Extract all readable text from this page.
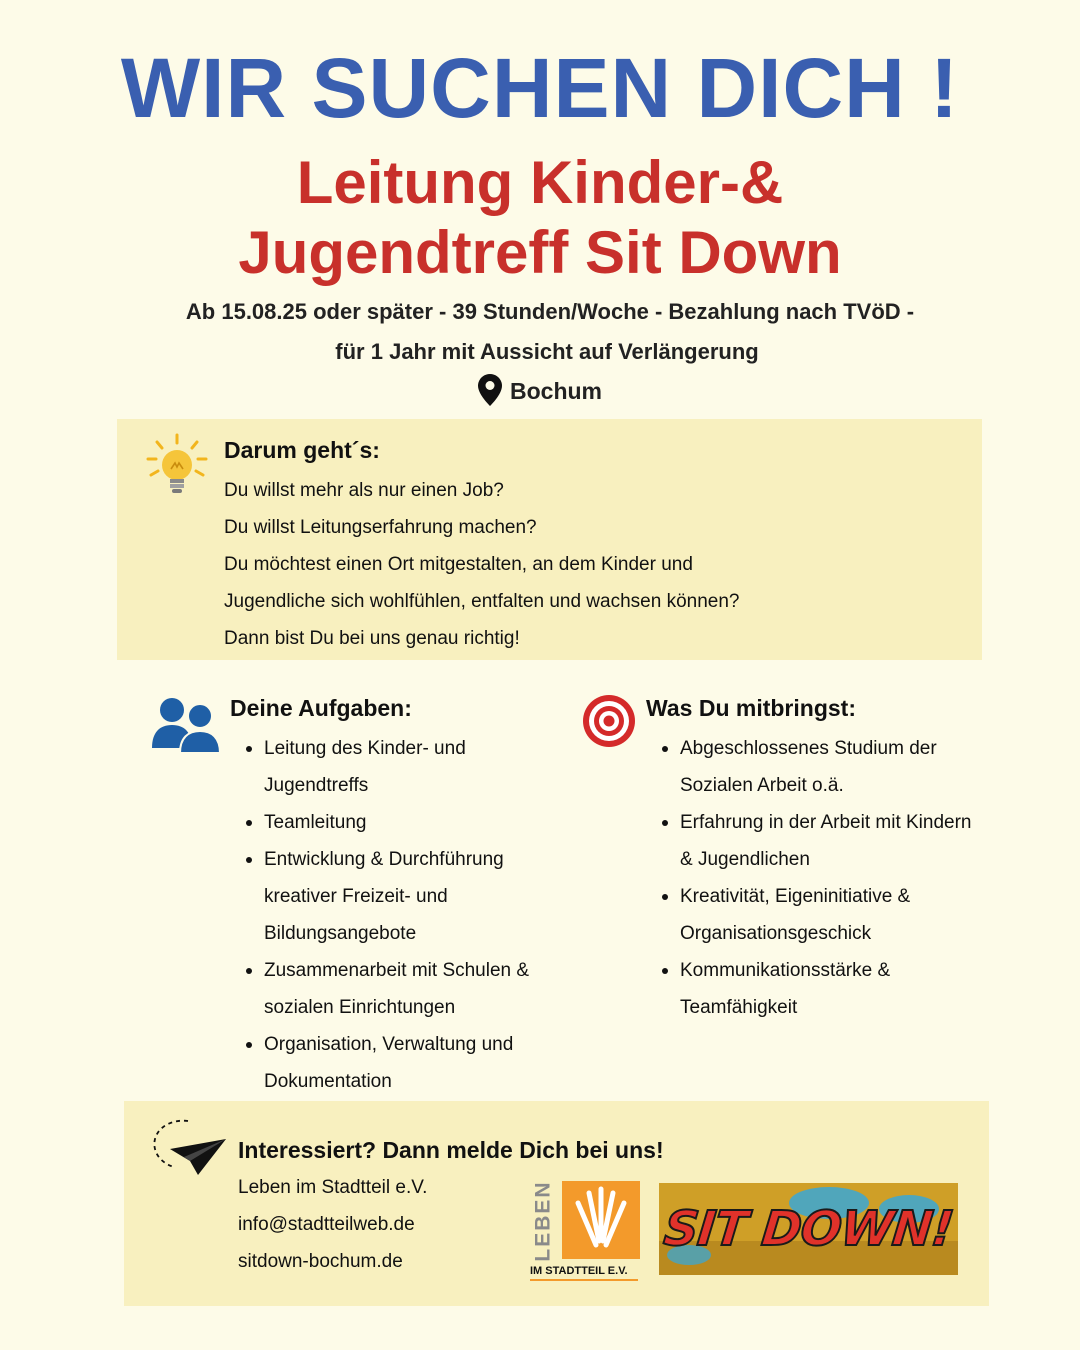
WIR SUCHEN DICH !
Leitung Kinder-&
Jugendtreff Sit Down
Ab 15.08.25 oder später - 39 Stunden/Woche - Bezahlung nach TVöD -
für 1 Jahr mit Aussicht auf Verlängerung
Bochum
Darum geht´s:
Du willst mehr als nur einen Job?
Du willst Leitungserfahrung machen?
Du möchtest einen Ort mitgestalten, an dem Kinder und
Jugendliche sich wohlfühlen, entfalten und wachsen können?
Dann bist Du bei uns genau richtig!
Deine Aufgaben:
Leitung des Kinder- und
Jugendtreffs
Teamleitung
Entwicklung & Durchführung
kreativer Freizeit- und
Bildungsangebote
Zusammenarbeit mit Schulen &
sozialen Einrichtungen
Organisation, Verwaltung und
Dokumentation
Was Du mitbringst:
Abgeschlossenes Studium der
Sozialen Arbeit o.ä.
Erfahrung in der Arbeit mit Kindern
& Jugendlichen
Kreativität, Eigeninitiative &
Organisationsgeschick
Kommunikationsstärke &
Teamfähigkeit
Interessiert? Dann melde Dich bei uns!
Leben im Stadtteil e.V.
info@stadtteilweb.de
sitdown-bochum.de	LEBEN
IM STADTTEIL E.V.
SIT DOWN!
